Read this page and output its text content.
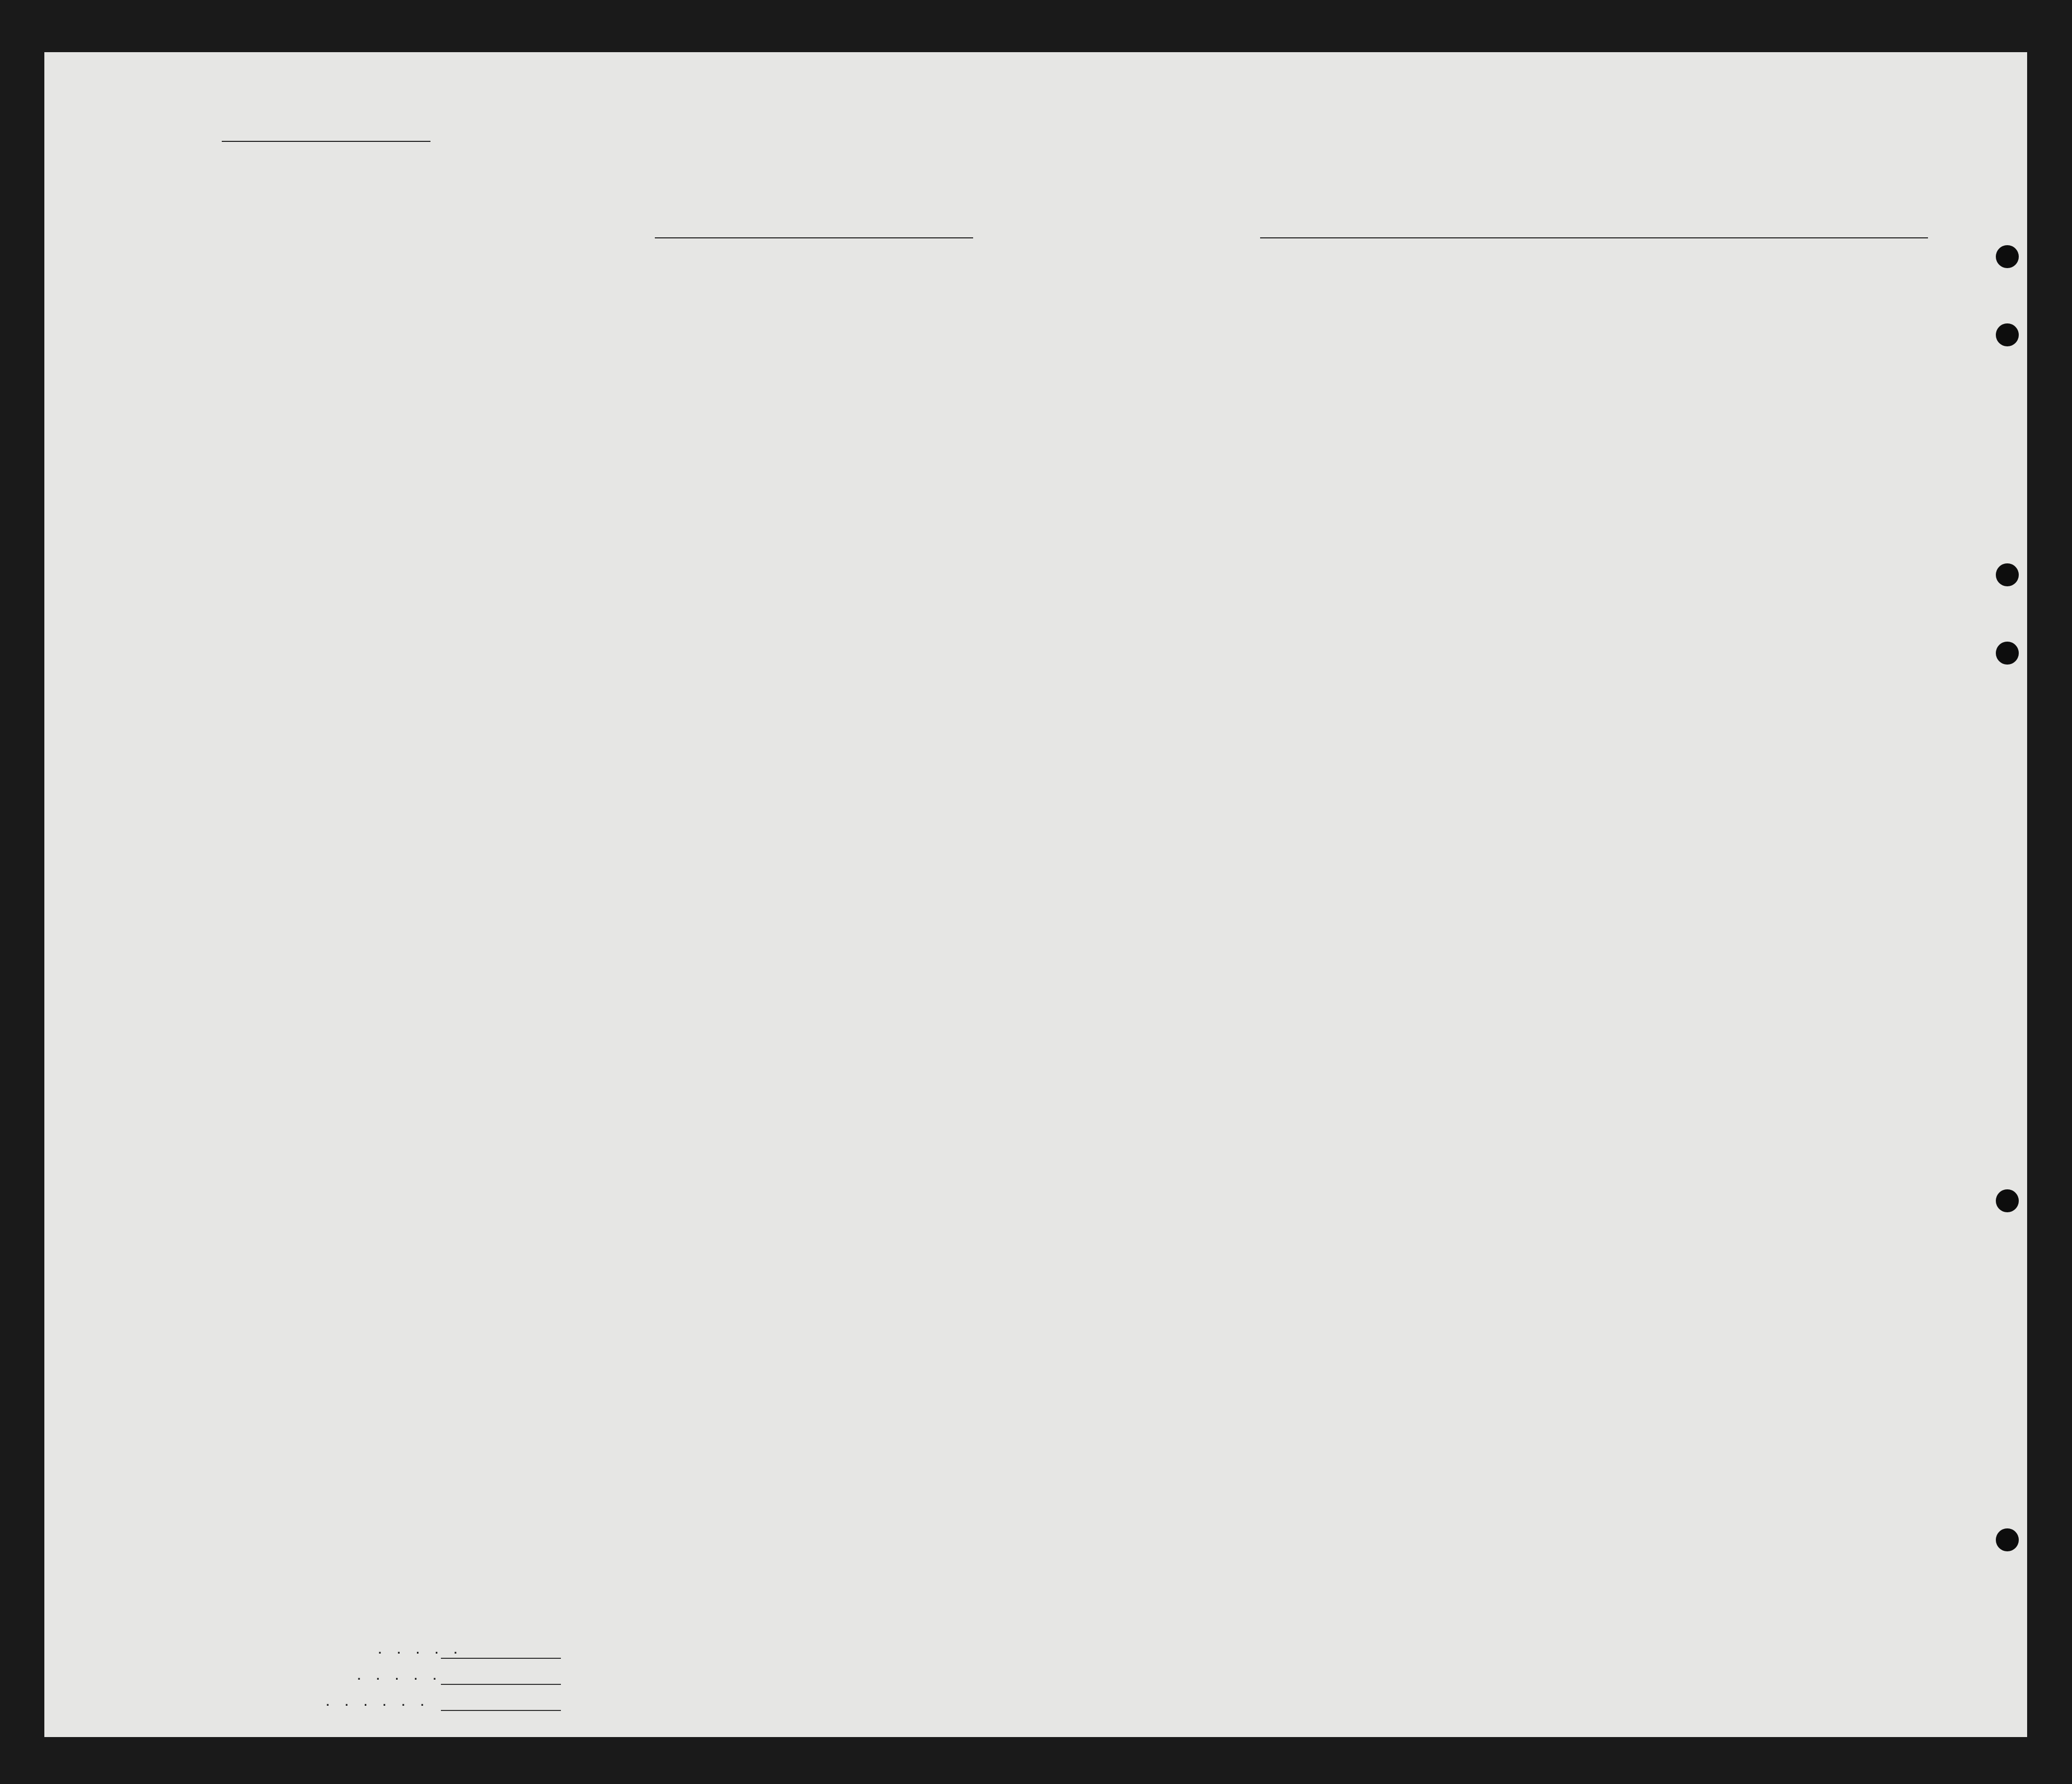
. . . . .
. . . . .
. . . . . .
